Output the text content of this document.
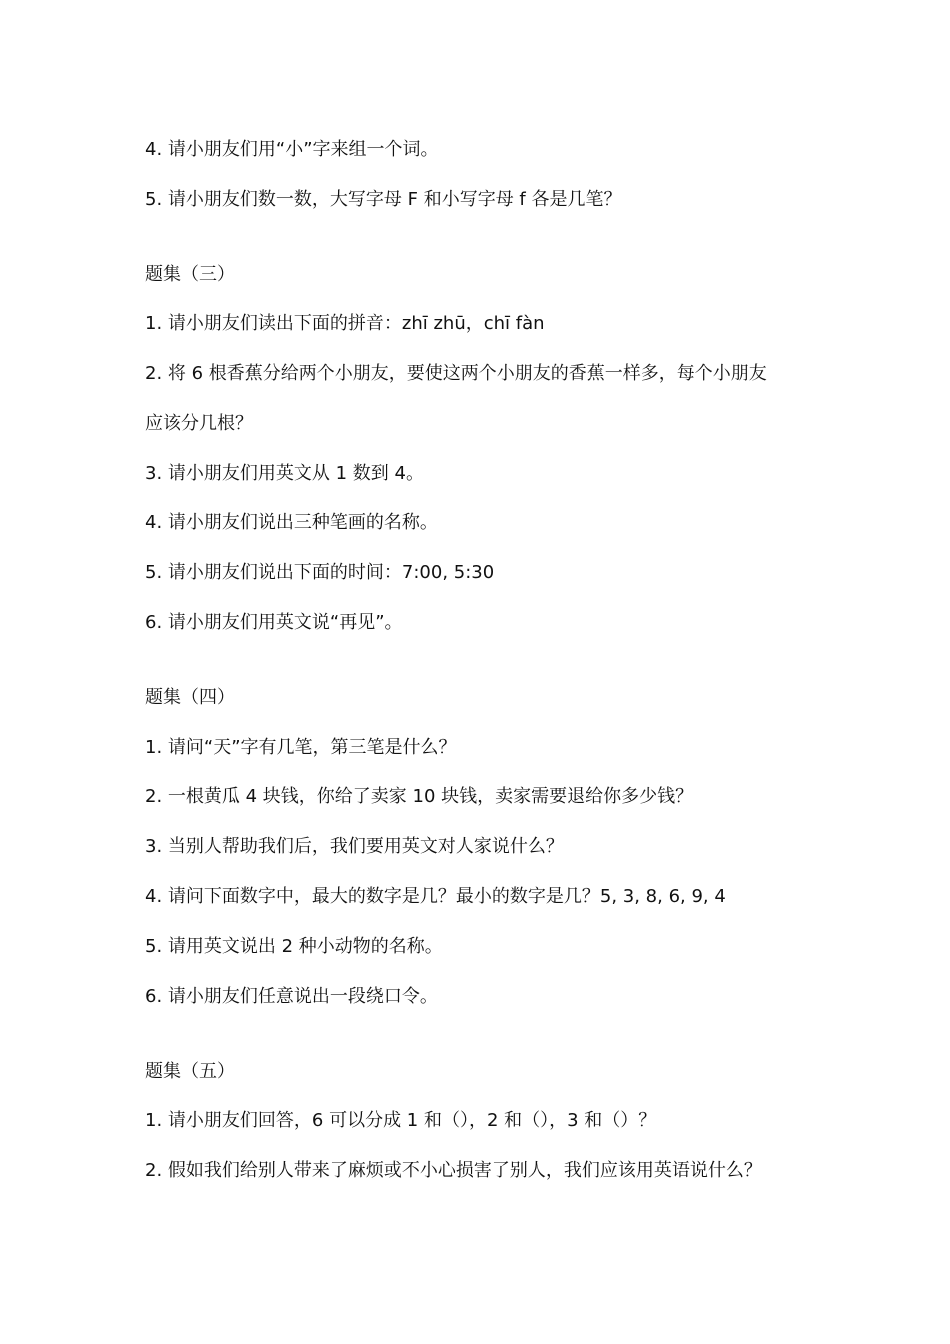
4. 请小朋友们用“小”字来组一个词。
5. 请小朋友们数一数，大写字母 F 和小写字母 f 各是几笔？
题集（三）
1. 请小朋友们读出下面的拼音：zhī zhū，chī fàn
2. 将 6 根香蕉分给两个小朋友，要使这两个小朋友的香蕉一样多，每个小朋友
应该分几根？
3. 请小朋友们用英文从 1 数到 4。
4. 请小朋友们说出三种笔画的名称。
5. 请小朋友们说出下面的时间：7:00, 5:30
6. 请小朋友们用英文说“再见”。
题集（四）
1. 请问“天”字有几笔，第三笔是什么？
2. 一根黄瓜 4 块钱，你给了卖家 10 块钱，卖家需要退给你多少钱？
3. 当别人帮助我们后，我们要用英文对人家说什么？
4. 请问下面数字中，最大的数字是几？最小的数字是几？5, 3, 8, 6, 9, 4
5. 请用英文说出 2 种小动物的名称。
6. 请小朋友们任意说出一段绕口令。
题集（五）
1. 请小朋友们回答，6 可以分成 1 和（），2 和（），3 和（）？
2. 假如我们给别人带来了麻烦或不小心损害了别人，我们应该用英语说什么？
